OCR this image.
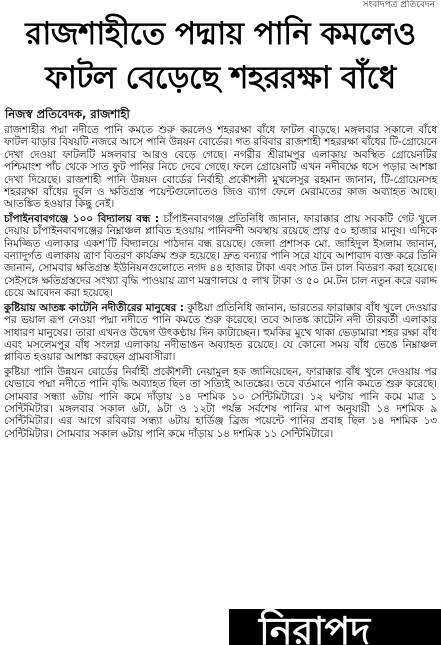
সংবাদপত্র প্রতিবেদন
রাজশাহীতে পদ্মায় পানি কমলেও
ফাটল বেড়েছে শহররক্ষা বাঁধে
নিজস্ব প্রতিবেদক, রাজশাহী

রাজশাহীর পদ্মা নদীতে পানি কমতে শুরু করলেও শহররক্ষা বাঁধে ফাটল বাড়ছে। মঙ্গলবার সকালে বাঁধে ফাটল বাড়ার বিষয়টি নজরে আসে পানি উন্নয়ন বোর্ডের। গত রবিবার রাজশাহী শহররক্ষা বাঁধের টি-গ্রোয়েনে দেখা দেওয়া ফাটলটি মঙ্গলবার আরও বেড়ে গেছে। নগরীর শ্রীরামপুর এলাকায় অবস্থিত গ্রোয়েনটির পশ্চিমাংশ পাঁচ থেকে সাত ফুট পানির নিচে দেবে গেছে। ফলে গ্রোয়েনটি এখন নদীবক্ষে ধসে পড়ার আশঙ্কা দেখা দিয়েছে। রাজশাহী পানি উন্নয়ন বোর্ডের নির্বাহী প্রকৌশলী মুখলেসুর রহমান জানান, টি-গ্রোয়েনসহ শহররক্ষা বাঁধের দুর্বল ও ক্ষতিগ্রস্ত পয়েন্টগুলোতেও জিও ব্যাগ ফেলে মেরামতের কাজ অব্যাহত আছে। আতঙ্কিত হওয়ার কিছু নেই।

চাঁপাইনবাবগঞ্জে ১০০ বিদ্যালয় বন্ধ : চাঁপাইনবাবগঞ্জ প্রতিনিধি জানান, ফারাক্কার প্রায় সবকটি গেট খুলে দেয়ায় চাঁপাইনবাবগঞ্জের নিম্নাঞ্চল প্লাবিত হওয়ায় পানিবন্দী অবস্থায় রয়েছে প্রায় ৫০ হাজার মানুষ। এদিকে নিমজ্জিত এলাকার একশ’টি বিদ্যালয়ে পাঠদান বন্ধ রয়েছে। জেলা প্রশাসক মো. জাহিদুল ইসলাম জানান, বন্যাদুর্গত এলাকায় ত্রাণ বিতরণ কার্যক্রম শুরু হয়েছে। দ্রুত বন্যার পানি সরে যাবে আশাবাদ ব্যক্ত করে তিনি জানান, সোমবার ক্ষতিগ্রস্ত ইউনিয়নগুলোতে নগদ ৪৪ হাজার টাকা এবং সাত টন চাল বিতরণ করা হয়েছে। সেইসঙ্গে ক্ষতিগ্রস্তদের সংখ্যা বৃদ্ধি পাওয়ায় ত্রাণ মন্ত্রণালয়ে ৫ লাখ টাকা ও ৫০ মে.টন চাল নতুন করে বরাদ্দ চেয়ে আবেদন করা হয়েছে।

কুষ্টিয়ায় আতঙ্ক কাটেনি নদীতীরের মানুষের : কুষ্টিয়া প্রতিনিধি জানান, ভারতের ফারাক্কার বাঁধ খুলে দেওয়ার পর ভয়াল রূপ নেওয়া পদ্মা নদীতে পানি কমতে শুরু করেছে। তবে আতঙ্ক কাটেনি নদী তীরবর্তী এলাকার সাধারণ মানুষের। তারা এখনও উদ্বেগ উৎকণ্ঠায় দিন কাটাচ্ছেন। হুমকির মুখে থাকা ভেড়ামারা শহর রক্ষা বাঁধ এবং মসলেমপুর বাঁধ সংলগ্ন এলাকায় নদীভাঙন অব্যাহত রয়েছে। যে কোনো সময় বাঁধ ভেঙে নিম্নাঞ্চল প্লাবিত হওয়ার আশঙ্কা করছেন গ্রামবাসীরা।

কুষ্টিয়া পানি উন্নয়ন বোর্ডের নির্বাহী প্রকৌশলী নেয়ামুল হক জানিয়েছেন, ফারাক্কার বাঁধ খুলে দেওয়ায় পর যেভাবে পদ্মা নদীতে পানি বৃদ্ধি অব্যাহত ছিল তা সত্যিই আতঙ্কের। তবে বর্তমানে পানি কমতে শুরু করেছে। সোমবার সন্ধ্যা ৬টায় পানি কমে দাঁড়ায় ১৪ দশমিক ১০ সেন্টিমিটারে। ১২ ঘণ্টায় পানি কমে মাত্র ১ সেন্টিমিটার। মঙ্গলবার সকাল ৬টা, ৯টা ও ১২টা পর্যন্ত সর্বশেষ পানির মাপ অনুযায়ী ১৪ দশমিক ৯ সেন্টিমিটার। এর আগে রবিবার সন্ধ্যা ৬টায় হার্ডিঞ্জ ব্রিজ পয়েন্টে পানির প্রবাহ ছিল ১৪ দশমিক ১৩ সেন্টিমিটার। সোমবার সকাল ৬টায় পানি কমে দাঁড়ায় ১৪ দশমিক ১১ সেন্টিমিটারে।

নিরাপদ
